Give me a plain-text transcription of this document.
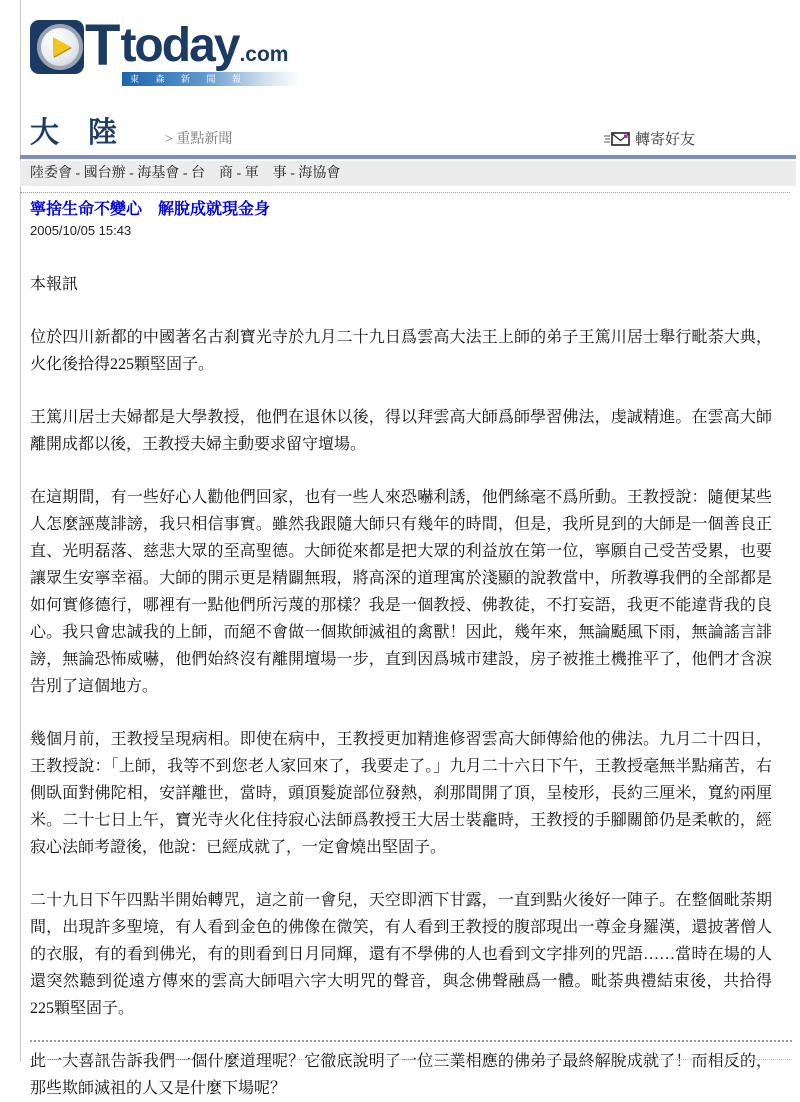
T today .com
東 森 新 聞 報
大　陸	> 重點新聞	轉寄好友
陸委會 - 國台辦 - 海基會 - 台　商 - 軍　事 - 海協會
寧捨生命不變心　解脫成就現金身
2005/10/05 15:43

本報訊

位於四川新都的中國著名古刹寶光寺於九月二十九日爲雲高大法王上師的弟子王篤川居士舉行毗荼大典，火化後拾得225顆堅固子。

王篤川居士夫婦都是大學教授，他們在退休以後，得以拜雲高大師爲師學習佛法，虔誠精進。在雲高大師離開成都以後，王教授夫婦主動要求留守壇場。

在這期間，有一些好心人勸他們回家，也有一些人來恐嚇利誘，他們絲毫不爲所動。王教授說：隨便某些人怎麼誣蔑誹謗，我只相信事實。雖然我跟隨大師只有幾年的時間，但是，我所見到的大師是一個善良正直、光明磊落、慈悲大眾的至高聖德。大師從來都是把大眾的利益放在第一位，寧願自己受苦受累，也要讓眾生安寧幸福。大師的開示更是精闢無瑕，將高深的道理寓於淺顯的說教當中，所教導我們的全部都是如何實修德行，哪裡有一點他們所污蔑的那樣？我是一個教授、佛教徒，不打妄語，我更不能違背我的良心。我只會忠誠我的上師，而絕不會做一個欺師滅祖的禽獸！因此，幾年來，無論颳風下雨，無論謠言誹謗，無論恐怖威嚇，他們始終沒有離開壇場一步，直到因爲城市建設，房子被推土機推平了，他們才含淚告別了這個地方。

幾個月前，王教授呈現病相。即使在病中，王教授更加精進修習雲高大師傳給他的佛法。九月二十四日，王教授說：「上師，我等不到您老人家回來了，我要走了。」九月二十六日下午，王教授毫無半點痛苦，右側臥面對佛陀相，安詳離世，當時，頭頂髮旋部位發熱，刹那間開了頂，呈棱形，長約三厘米，寬約兩厘米。二十七日上午，寶光寺火化住持寂心法師爲教授王大居士裝龕時，王教授的手腳關節仍是柔軟的，經寂心法師考證後，他說：已經成就了，一定會燒出堅固子。

二十九日下午四點半開始轉咒，這之前一會兒，天空即洒下甘露，一直到點火後好一陣子。在整個毗荼期間，出現許多聖境，有人看到金色的佛像在微笑，有人看到王教授的腹部現出一尊金身羅漢，還披著僧人的衣服，有的看到佛光，有的則看到日月同輝，還有不學佛的人也看到文字排列的咒語……當時在場的人還突然聽到從遠方傳來的雲高大師唱六字大明咒的聲音，與念佛聲融爲一體。毗荼典禮結束後，共拾得225顆堅固子。

此一大喜訊告訴我們一個什麼道理呢？它徹底說明了一位三業相應的佛弟子最終解脫成就了！而相反的，那些欺師滅祖的人又是什麼下場呢？
